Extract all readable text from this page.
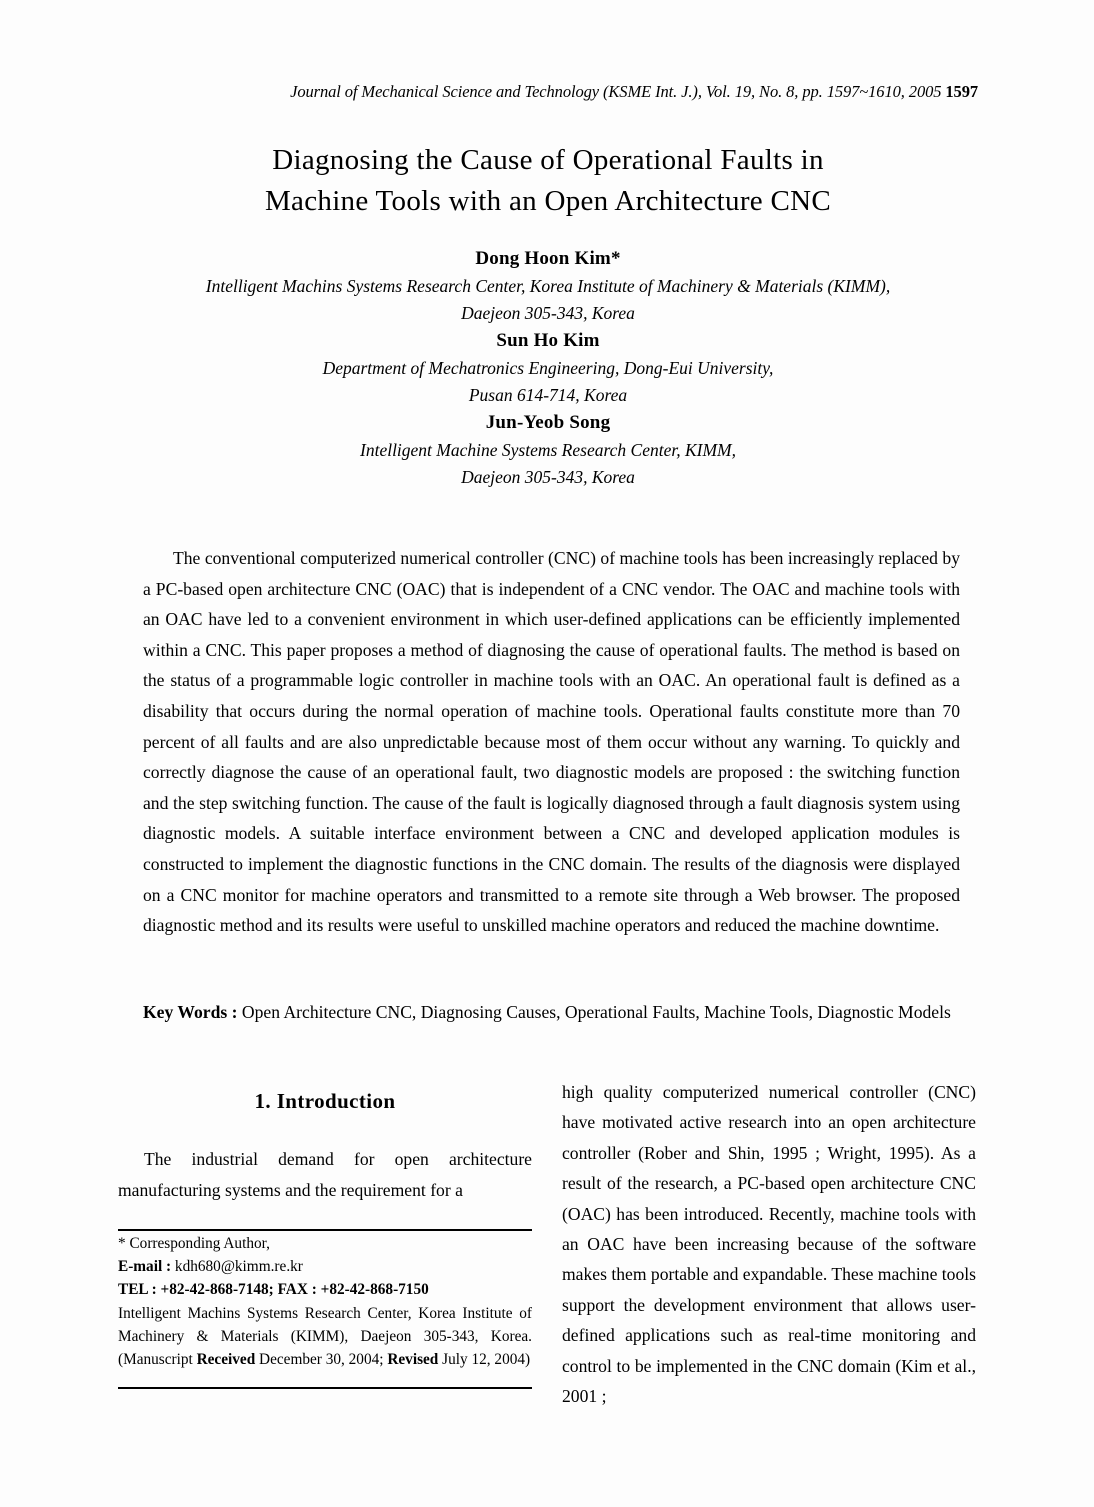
Journal of Mechanical Science and Technology (KSME Int. J.), Vol. 19, No. 8, pp. 1597~1610, 2005 1597
Diagnosing the Cause of Operational Faults in
Machine Tools with an Open Architecture CNC
Dong Hoon Kim*
Intelligent Machins Systems Research Center, Korea Institute of Machinery & Materials (KIMM),
Daejeon 305-343, Korea
Sun Ho Kim
Department of Mechatronics Engineering, Dong-Eui University,
Pusan 614-714, Korea
Jun-Yeob Song
Intelligent Machine Systems Research Center, KIMM,
Daejeon 305-343, Korea
The conventional computerized numerical controller (CNC) of machine tools has been increasingly replaced by a PC-based open architecture CNC (OAC) that is independent of a CNC vendor. The OAC and machine tools with an OAC have led to a convenient environment in which user-defined applications can be efficiently implemented within a CNC. This paper proposes a method of diagnosing the cause of operational faults. The method is based on the status of a programmable logic controller in machine tools with an OAC. An operational fault is defined as a disability that occurs during the normal operation of machine tools. Operational faults constitute more than 70 percent of all faults and are also unpredictable because most of them occur without any warning. To quickly and correctly diagnose the cause of an operational fault, two diagnostic models are proposed : the switching function and the step switching function. The cause of the fault is logically diagnosed through a fault diagnosis system using diagnostic models. A suitable interface environment between a CNC and developed application modules is constructed to implement the diagnostic functions in the CNC domain. The results of the diagnosis were displayed on a CNC monitor for machine operators and transmitted to a remote site through a Web browser. The proposed diagnostic method and its results were useful to unskilled machine operators and reduced the machine downtime.
Key Words : Open Architecture CNC, Diagnosing Causes, Operational Faults, Machine Tools, Diagnostic Models
1. Introduction

The industrial demand for open architecture manufacturing systems and the requirement for a

high quality computerized numerical controller (CNC) have motivated active research into an open architecture controller (Rober and Shin, 1995 ; Wright, 1995). As a result of the research, a PC-based open architecture CNC (OAC) has been introduced. Recently, machine tools with an OAC have been increasing because of the software makes them portable and expandable. These machine tools support the development environment that allows user-defined applications such as real-time monitoring and control to be implemented in the CNC domain (Kim et al., 2001 ;

* Corresponding Author,
E-mail : kdh680@kimm.re.kr
TEL : +82-42-868-7148; FAX : +82-42-868-7150
Intelligent Machins Systems Research Center, Korea Institute of Machinery & Materials (KIMM), Daejeon 305-343, Korea. (Manuscript Received December 30, 2004; Revised July 12, 2004)
